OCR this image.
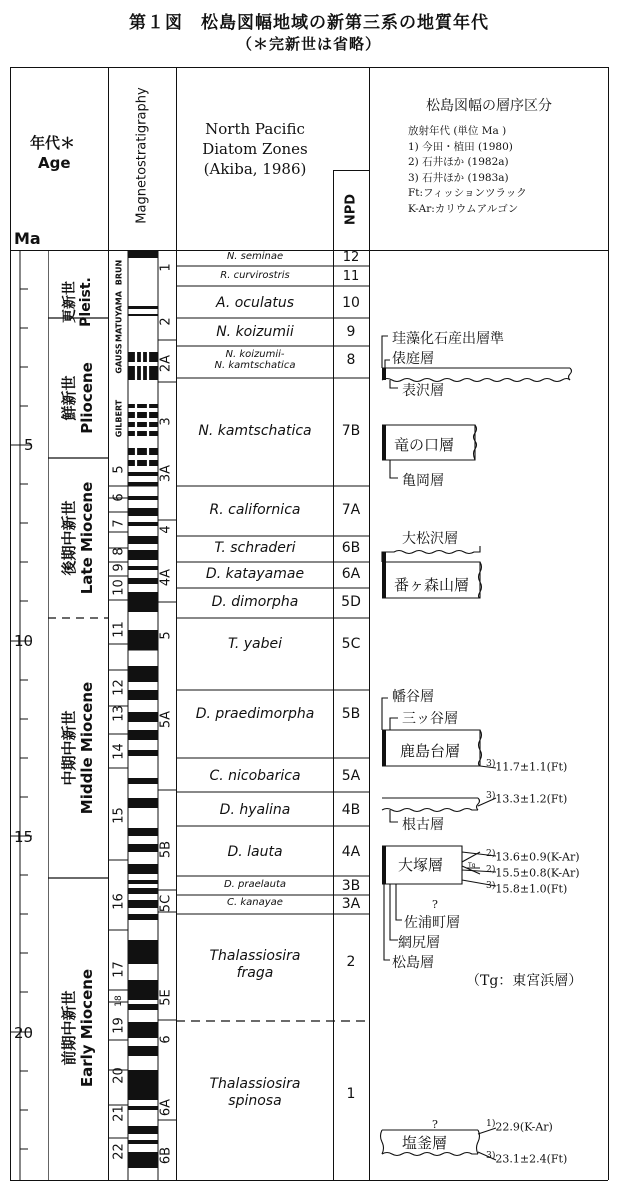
第１図　松島図幅地域の新第三系の地質年代
（＊完新世は省略）
年代＊
Age
Ma
Magnetostratigraphy	North Pacific
Diatom Zones
(Akiba, 1986)
NPD
松島図幅の層序区分
放射年代 (単位 Ma )
1) 今田・植田 (1980)
2) 石井ほか (1982a)
3) 石井ほか (1983a)
Ft:フィッションツラック
K-Ar:カリウムアルゴン
5
10
15
20
更新世 Pleist.
鮮新世 Pliocene
後期中新世 Late Miocene
中期中新世 Middle Miocene
前期中新世 Early Miocene
BRUN
MATUYAMA
GAUSS
GILBERT
5
6
7
8
9
10
11
12
13
14
15
16
17
18
19
20
21
22
1
2
2A
3
3A
4
4A
5
5A
5B
5C
5E
6
6A
6B
N. seminae
R. curvirostris
A. oculatus
N. koizumii
N. koizumii-
N. kamtschatica
N. kamtschatica
R. californica
T. schraderi
D. katayamae
D. dimorpha
T. yabei
D. praedimorpha
C. nicobarica
D. hyalina
D. lauta
D. praelauta
C. kanayae
Thalassiosira
fraga
Thalassiosira
spinosa
12
11
10
9
8
7B
7A
6B
6A
5D
5C
5B
5A
4B
4A
3B
3A
2
1
珪藻化石産出層準
俵庭層
表沢層
竜の口層
亀岡層
大松沢層
番ヶ森山層
幡谷層
三ッ谷層
鹿島台層
根古層
大塚層	Tg
?
佐浦町層
網尻層
松島層
（Tg：東宮浜層）
?
塩釜層
$^{3)}$11.7±1.1(Ft)
$^{3)}$13.3±1.2(Ft)
$^{2)}$13.6±0.9(K-Ar)
$^{2)}$15.5±0.8(K-Ar)
$^{3)}$15.8±1.0(Ft)
$^{1)}$22.9(K-Ar)
$^{3)}$23.1±2.4(Ft)
